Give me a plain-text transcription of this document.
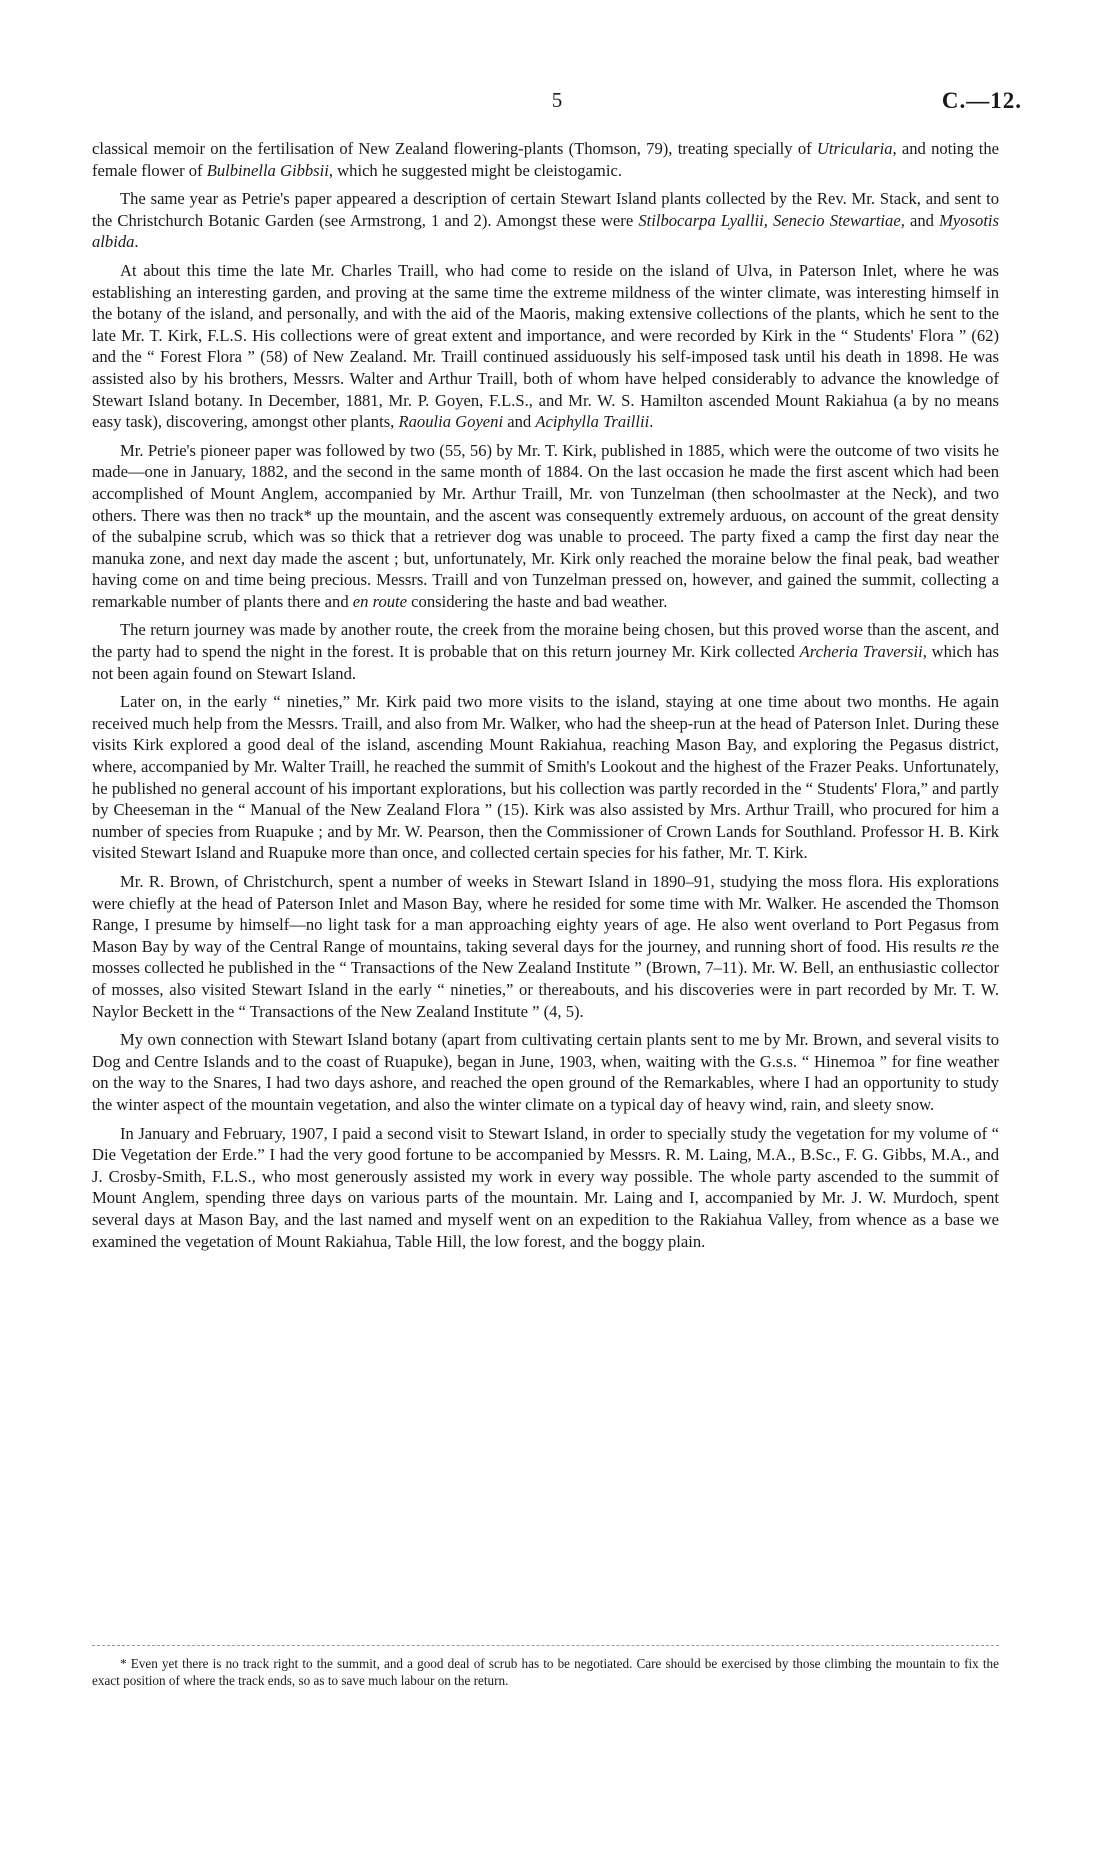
5	C.—12.

classical memoir on the fertilisation of New Zealand flowering-plants (Thomson, 79), treating specially of Utricularia, and noting the female flower of Bulbinella Gibbsii, which he suggested might be cleistogamic.

The same year as Petrie's paper appeared a description of certain Stewart Island plants collected by the Rev. Mr. Stack, and sent to the Christchurch Botanic Garden (see Armstrong, 1 and 2). Amongst these were Stilbocarpa Lyallii, Senecio Stewartiae, and Myosotis albida.

At about this time the late Mr. Charles Traill, who had come to reside on the island of Ulva, in Paterson Inlet, where he was establishing an interesting garden, and proving at the same time the extreme mildness of the winter climate, was interesting himself in the botany of the island, and personally, and with the aid of the Maoris, making extensive collections of the plants, which he sent to the late Mr. T. Kirk, F.L.S. His collections were of great extent and importance, and were recorded by Kirk in the “ Students' Flora ” (62) and the “ Forest Flora ” (58) of New Zealand. Mr. Traill continued assiduously his self-imposed task until his death in 1898. He was assisted also by his brothers, Messrs. Walter and Arthur Traill, both of whom have helped considerably to advance the knowledge of Stewart Island botany. In December, 1881, Mr. P. Goyen, F.L.S., and Mr. W. S. Hamilton ascended Mount Rakiahua (a by no means easy task), discovering, amongst other plants, Raoulia Goyeni and Aciphylla Traillii.

Mr. Petrie's pioneer paper was followed by two (55, 56) by Mr. T. Kirk, published in 1885, which were the outcome of two visits he made—one in January, 1882, and the second in the same month of 1884. On the last occasion he made the first ascent which had been accomplished of Mount Anglem, accompanied by Mr. Arthur Traill, Mr. von Tunzelman (then schoolmaster at the Neck), and two others. There was then no track* up the mountain, and the ascent was consequently extremely arduous, on account of the great density of the subalpine scrub, which was so thick that a retriever dog was unable to proceed. The party fixed a camp the first day near the manuka zone, and next day made the ascent ; but, unfortunately, Mr. Kirk only reached the moraine below the final peak, bad weather having come on and time being precious. Messrs. Traill and von Tunzelman pressed on, however, and gained the summit, collecting a remarkable number of plants there and en route considering the haste and bad weather.

The return journey was made by another route, the creek from the moraine being chosen, but this proved worse than the ascent, and the party had to spend the night in the forest. It is probable that on this return journey Mr. Kirk collected Archeria Traversii, which has not been again found on Stewart Island.

Later on, in the early “ nineties,” Mr. Kirk paid two more visits to the island, staying at one time about two months. He again received much help from the Messrs. Traill, and also from Mr. Walker, who had the sheep-run at the head of Paterson Inlet. During these visits Kirk explored a good deal of the island, ascending Mount Rakiahua, reaching Mason Bay, and exploring the Pegasus district, where, accompanied by Mr. Walter Traill, he reached the summit of Smith's Lookout and the highest of the Frazer Peaks. Unfortunately, he published no general account of his important explorations, but his collection was partly recorded in the “ Students' Flora,” and partly by Cheeseman in the “ Manual of the New Zealand Flora ” (15). Kirk was also assisted by Mrs. Arthur Traill, who procured for him a number of species from Ruapuke ; and by Mr. W. Pearson, then the Commissioner of Crown Lands for Southland. Professor H. B. Kirk visited Stewart Island and Ruapuke more than once, and collected certain species for his father, Mr. T. Kirk.

Mr. R. Brown, of Christchurch, spent a number of weeks in Stewart Island in 1890–91, studying the moss flora. His explorations were chiefly at the head of Paterson Inlet and Mason Bay, where he resided for some time with Mr. Walker. He ascended the Thomson Range, I presume by himself—no light task for a man approaching eighty years of age. He also went overland to Port Pegasus from Mason Bay by way of the Central Range of mountains, taking several days for the journey, and running short of food. His results re the mosses collected he published in the “ Transactions of the New Zealand Institute ” (Brown, 7–11). Mr. W. Bell, an enthusiastic collector of mosses, also visited Stewart Island in the early “ nineties,” or thereabouts, and his discoveries were in part recorded by Mr. T. W. Naylor Beckett in the “ Transactions of the New Zealand Institute ” (4, 5).

My own connection with Stewart Island botany (apart from cultivating certain plants sent to me by Mr. Brown, and several visits to Dog and Centre Islands and to the coast of Ruapuke), began in June, 1903, when, waiting with the G.s.s. “ Hinemoa ” for fine weather on the way to the Snares, I had two days ashore, and reached the open ground of the Remarkables, where I had an opportunity to study the winter aspect of the mountain vegetation, and also the winter climate on a typical day of heavy wind, rain, and sleety snow.

In January and February, 1907, I paid a second visit to Stewart Island, in order to specially study the vegetation for my volume of “ Die Vegetation der Erde.” I had the very good fortune to be accompanied by Messrs. R. M. Laing, M.A., B.Sc., F. G. Gibbs, M.A., and J. Crosby-Smith, F.L.S., who most generously assisted my work in every way possible. The whole party ascended to the summit of Mount Anglem, spending three days on various parts of the mountain. Mr. Laing and I, accompanied by Mr. J. W. Murdoch, spent several days at Mason Bay, and the last named and myself went on an expedition to the Rakiahua Valley, from whence as a base we examined the vegetation of Mount Rakiahua, Table Hill, the low forest, and the boggy plain.

* Even yet there is no track right to the summit, and a good deal of scrub has to be negotiated. Care should be exercised by those climbing the mountain to fix the exact position of where the track ends, so as to save much labour on the return.
